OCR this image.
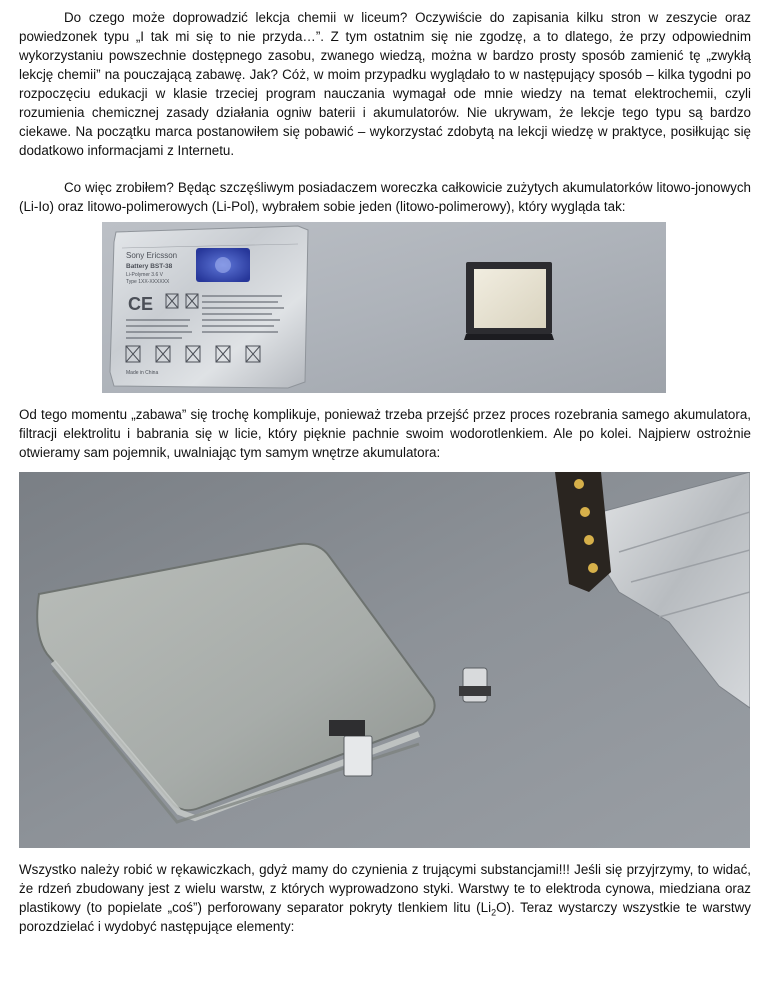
Do czego może doprowadzić lekcja chemii w liceum? Oczywiście do zapisania kilku stron w zeszycie oraz powiedzonek typu „I tak mi się to nie przyda…”. Z tym ostatnim się nie zgodzę, a to dlatego, że przy odpowiednim wykorzystaniu powszechnie dostępnego zasobu, zwanego wiedzą, można w bardzo prosty sposób zamienić tę „zwykłą lekcję chemii” na pouczającą zabawę. Jak? Cóż, w moim przypadku wyglądało to w następujący sposób – kilka tygodni po rozpoczęciu edukacji w klasie trzeciej program nauczania wymagał ode mnie wiedzy na temat elektrochemii, czyli rozumienia chemicznej zasady działania ogniw baterii i akumulatorów. Nie ukrywam, że lekcje tego typu są bardzo ciekawe. Na początku marca postanowiłem się pobawić – wykorzystać zdobytą na lekcji wiedzę w praktyce, posiłkując się dodatkowo informacjami z Internetu.

Co więc zrobiłem? Będąc szczęśliwym posiadaczem woreczka całkowicie zużytych akumulatorków litowo-jonowych (Li-Io) oraz litowo-polimerowych (Li-Pol), wybrałem sobie jeden (litowo-polimerowy), który wygląda tak:

Sony Ericsson
Battery BST-38
Li-Polymer 3.6 V
Type 1XX-XXXXXX
CE
Made in China

Od tego momentu „zabawa” się trochę komplikuje, ponieważ trzeba przejść przez proces rozebrania samego akumulatora, filtracji elektrolitu i babrania się w licie, który pięknie pachnie swoim wodorotlenkiem. Ale po kolei. Najpierw ostrożnie otwieramy sam pojemnik, uwalniając tym samym wnętrze akumulatora:

Wszystko należy robić w rękawiczkach, gdyż mamy do czynienia z trującymi substancjami!!! Jeśli się przyjrzymy, to widać, że rdzeń zbudowany jest z wielu warstw, z których wyprowadzono styki. Warstwy te to elektroda cynowa, miedziana oraz plastikowy (to popielate „coś”) perforowany separator pokryty tlenkiem litu $(Li_2O)$. Teraz wystarczy wszystkie te warstwy porozdzielać i wydobyć następujące elementy:
